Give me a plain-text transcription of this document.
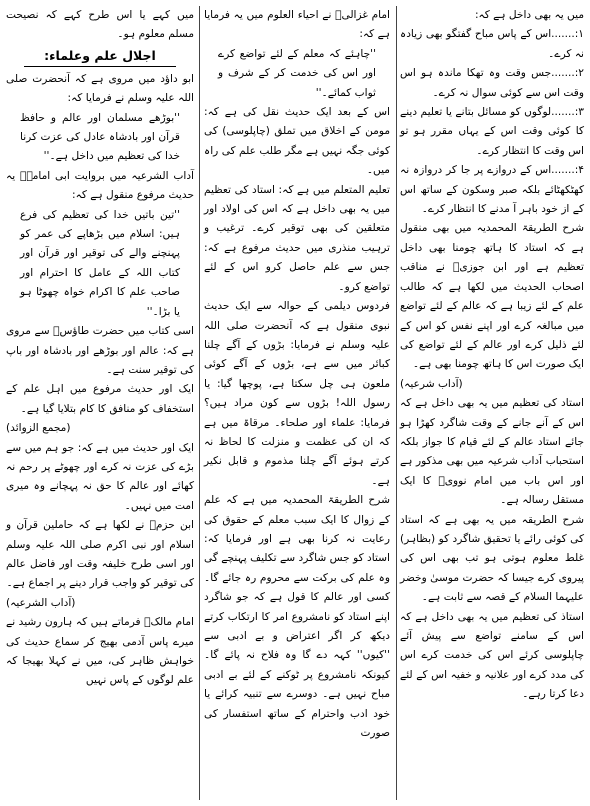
میں یہ بھی داخل ہے کہ:

۱:.......اس کے پاس مباح گفتگو بھی زیادہ نہ کرے۔

۲:.......جس وقت وہ تھکا ماندہ ہو اس وقت اس سے کوئی سوال نہ کرے۔

۳:.......لوگوں کو مسائل بتانے یا تعلیم دینے کا کوئی وقت اس کے یہاں مقرر ہو تو اس وقت کا انتظار کرے۔

۴:.......اس کے دروازے پر جا کر دروازہ نہ کھٹکھٹائے بلکہ صبر وسکون کے ساتھ اس کے از خود باہر آ مدنے کا انتظار کرے۔

شرح الطریقۃ المحمدیہ میں بھی منقول ہے کہ استاد کا ہاتھ چومنا بھی داخل تعظیم ہے اور ابن جوزیؒ نے مناقب اصحاب الحدیث میں لکھا ہے کہ طالب علم کے لئے زیبا ہے کہ عالم کے لئے تواضع میں مبالغہ کرے اور اپنے نفس کو اس کے لئے ذلیل کرے اور عالم کے لئے تواضع کی ایک صورت اس کا ہاتھ چومنا بھی ہے۔

(آداب شرعیہ)

استاد کی تعظیم میں یہ بھی داخل ہے کہ اس کے آنے جانے کے وقت شاگرد کھڑا ہو جائے استاد عالم کے لئے قیام کا جواز بلکہ استحباب آداب شرعیہ میں بھی مذکور ہے اور اس باب میں امام نوویؒ کا ایک مستقل رسالہ ہے۔

شرح الطریقہ میں یہ بھی ہے کہ استاد کی کوئی رائے یا تحقیق شاگرد کو (بظاہر) غلط معلوم ہوتی ہو تب بھی اس کی پیروی کرے جیسا کہ حضرت موسیٰ وخضر علیہما السلام کے قصہ سے ثابت ہے۔

استاذ کی تعظیم میں یہ بھی داخل ہے کہ اس کے سامنے تواضع سے پیش آئے چاپلوسی کرئے اس کی خدمت کرے اس کی مدد کرے اور علانیہ و خفیہ اس کے لئے دعا کرتا رہے۔

امام غزالیؒ نے احیاء العلوم میں یہ فرمایا ہے کہ:

''چاہئے کہ معلم کے لئے تواضع کرے اور اس کی خدمت کر کے شرف و ثواب کمائے۔''

اس کے بعد ایک حدیث نقل کی ہے کہ: مومن کے اخلاق میں تملق (چاپلوسی) کی کوئی جگہ نہیں ہے مگر طلب علم کی راہ میں۔

تعلیم المتعلم میں ہے کہ: استاد کی تعظیم میں یہ بھی داخل ہے کہ اس کی اولاد اور متعلقین کی بھی توقیر کرے۔ ترغیب و ترہیب منذری میں حدیث مرفوع ہے کہ: جس سے علم حاصل کرو اس کے لئے تواضع کرو۔

فردوس دیلمی کے حوالہ سے ایک حدیث نبوی منقول ہے کہ آنحضرت صلی اللہ علیہ وسلم نے فرمایا: بڑوں کے آگے چلنا کبائر میں سے ہے، بڑوں کے آگے کوئی ملعون ہی چل سکتا ہے، پوچھا گیا: یا رسول اللہ! بڑوں سے کون مراد ہیں؟ فرمایا: علماء اور صلحاء۔ مرقاۃ میں ہے کہ ان کی عظمت و منزلت کا لحاظ نہ کرتے ہوئے آگے چلنا مذموم و قابل نکیر ہے۔

شرح الطریقۃ المحمدیہ میں ہے کہ علم کے زوال کا ایک سبب معلم کے حقوق کی رعایت نہ کرنا بھی ہے اور فرمایا کہ: استاد کو جس شاگرد سے تکلیف پہنچے گی وہ علم کی برکت سے محروم رہ جائے گا۔ کسی اور عالم کا قول ہے کہ جو شاگرد اپنے استاد کو نامشروع امر کا ارتکاب کرتے دیکھ کر اگر اعتراض و بے ادبی سے ''کیوں'' کہہ دے گا وہ فلاح نہ پائے گا۔ کیونکہ نامشروع پر ٹوکنے کے لئے بے ادبی مباح نہیں ہے۔ دوسرے سے تنبیہ کرائے یا خود ادب واحترام کے ساتھ استفسار کی صورت

میں کہے یا اس طرح کہے کہ نصیحت مسلم معلوم ہو۔

اجلال علم وعلماء:

ابو داؤد میں مروی ہے کہ آنحضرت صلی اللہ علیہ وسلم نے فرمایا کہ:

''بوڑھے مسلمان اور عالم و حافظ قرآن اور بادشاہ عادل کی عزت کرنا خدا کی تعظیم میں داخل ہے۔''

آداب الشرعیہ میں بروایت ابی امامہؓ یہ حدیث مرفوع منقول ہے کہ:

''تین باتیں خدا کی تعظیم کی فرع ہیں: اسلام میں بڑھاپے کی عمر کو پہنچنے والے کی توقیر اور قرآن اور کتاب اللہ کے عامل کا احترام اور صاحب علم کا اکرام خواہ چھوٹا ہو یا بڑا۔''

اسی کتاب میں حضرت طاؤسؒ سے مروی ہے کہ: عالم اور بوڑھے اور بادشاہ اور باپ کی توقیر سنت ہے۔

ایک اور حدیث مرفوع میں اہل علم کے استخفاف کو منافق کا کام بتلایا گیا ہے۔

(مجمع الزوائد)

ایک اور حدیث میں ہے کہ: جو ہم میں سے بڑے کی عزت نہ کرے اور چھوٹے پر رحم نہ کھائے اور عالم کا حق نہ پہچانے وہ میری امت میں نہیں۔

ابن حزمؒ نے لکھا ہے کہ حاملین قرآن و اسلام اور نبی اکرم صلی اللہ علیہ وسلم اور اسی طرح خلیفہ وقت اور فاضل عالم کی توقیر کو واجب قرار دینے پر اجماع ہے۔

(آداب الشرعیہ)

امام مالکؒ فرماتے ہیں کہ ہارون رشید نے میرے پاس آدمی بھیج کر سماع حدیث کی خواہش ظاہر کی، میں نے کہلا بھیجا کہ علم لوگوں کے پاس نہیں
